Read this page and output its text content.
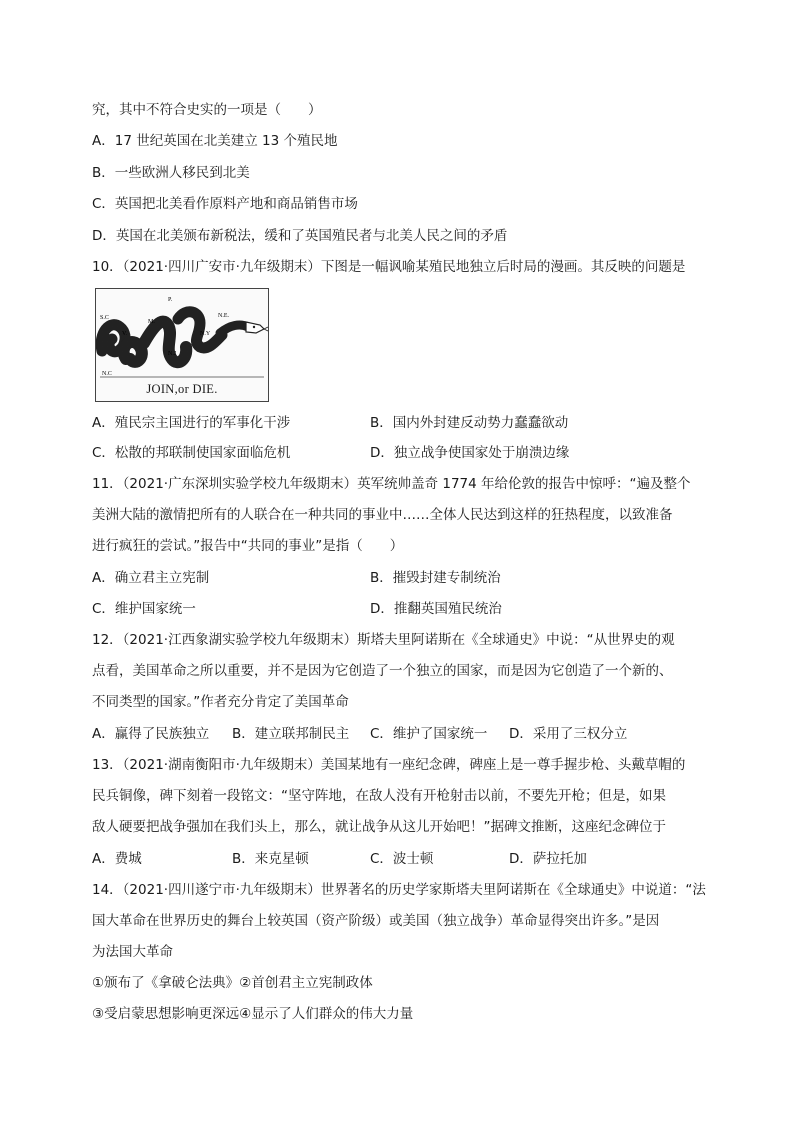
究，其中不符合史实的一项是（　　）
A．17 世纪英国在北美建立 13 个殖民地
B．一些欧洲人移民到北美
C．英国把北美看作原料产地和商品销售市场
D．英国在北美颁布新税法，缓和了英国殖民者与北美人民之间的矛盾
10．（2021·四川广安市·九年级期末）下图是一幅讽喻某殖民地独立后时局的漫画。其反映的问题是
N.C
S.C
V.
M.
P.
N.J
N.Y
N.E.
JOIN,or DIE.
A．殖民宗主国进行的军事化干涉	B．国内外封建反动势力蠢蠢欲动
C．松散的邦联制使国家面临危机	D．独立战争使国家处于崩溃边缘
11．（2021·广东深圳实验学校九年级期末）英军统帅盖奇 1774 年给伦敦的报告中惊呼：“遍及整个
美洲大陆的激情把所有的人联合在一种共同的事业中……全体人民达到这样的狂热程度，以致准备
进行疯狂的尝试。”报告中“共同的事业”是指（　　）
A．确立君主立宪制	B．摧毁封建专制统治
C．维护国家统一	D．推翻英国殖民统治
12．（2021·江西象湖实验学校九年级期末）斯塔夫里阿诺斯在《全球通史》中说：“从世界史的观
点看，美国革命之所以重要，并不是因为它创造了一个独立的国家，而是因为它创造了一个新的、
不同类型的国家。”作者充分肯定了美国革命
A．赢得了民族独立 B．建立联邦制民主 C．维护了国家统一 D．采用了三权分立
13．（2021·湖南衡阳市·九年级期末）美国某地有一座纪念碑，碑座上是一尊手握步枪、头戴草帽的
民兵铜像，碑下刻着一段铭文：“坚守阵地，在敌人没有开枪射击以前，不要先开枪；但是，如果
敌人硬要把战争强加在我们头上，那么，就让战争从这儿开始吧！”据碑文推断，这座纪念碑位于
A．费城	B．来克星顿	C．波士顿	D．萨拉托加
14．（2021·四川遂宁市·九年级期末）世界著名的历史学家斯塔夫里阿诺斯在《全球通史》中说道：“法
国大革命在世界历史的舞台上较英国（资产阶级）或美国（独立战争）革命显得突出许多。”是因
为法国大革命
①颁布了《拿破仑法典》②首创君主立宪制政体
③受启蒙思想影响更深远④显示了人们群众的伟大力量
